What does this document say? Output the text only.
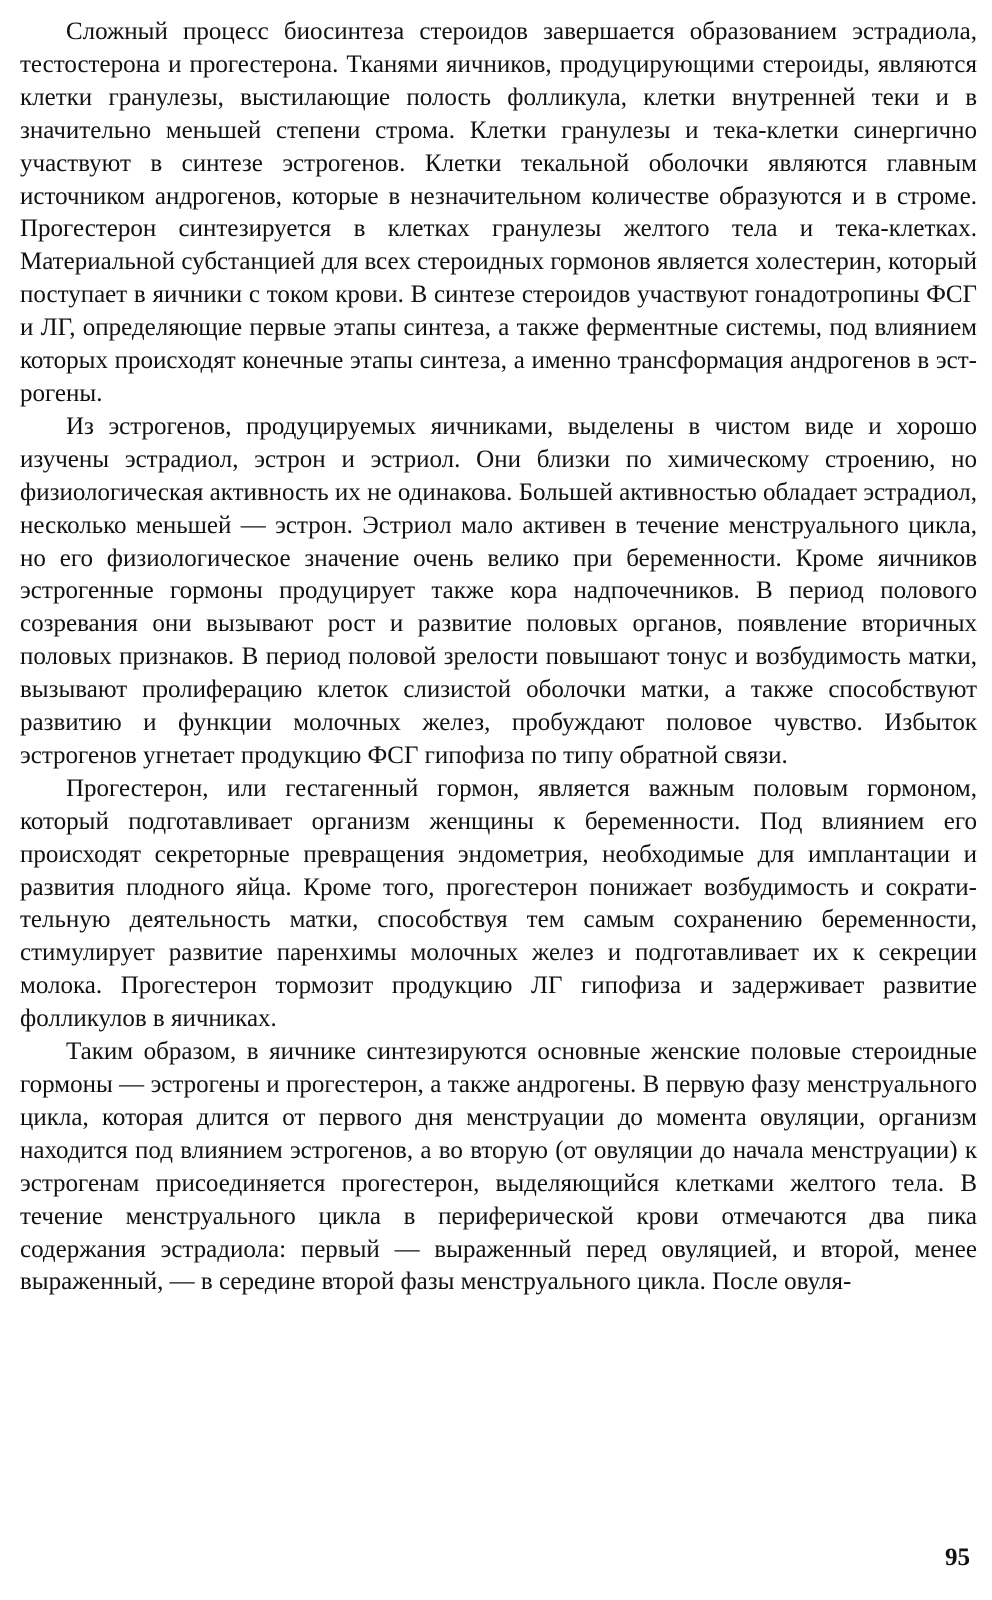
Сложный процесс биосинтеза стероидов завершается образованием эстрадиола, тестостерона и прогестерона. Тканями яичников, продуцирующими стероиды, являются клетки гранулезы, выстилающие полость фолликула, клетки внутренней теки и в значительно меньшей степени строма. Клетки гранулезы и тека-клетки синергично участвуют в синтезе эстрогенов. Клетки текальной оболочки являются главным источником андрогенов, которые в незначительном количестве образуются и в строме. Прогестерон синтезируется в клетках гранулезы желтого тела и тека-клетках. Материальной субстанцией для всех стероидных гормонов является холестерин, который поступает в яичники с током крови. В синтезе стероидов участвуют гонадотропины ФСГ и ЛГ, определяющие первые этапы синтеза, а также ферментные системы, под влиянием которых происходят конечные этапы синтеза, а именно трансформация андрогенов в эстрогены.

Из эстрогенов, продуцируемых яичниками, выделены в чистом виде и хорошо изучены эстрадиол, эстрон и эстриол. Они близки по химическому строению, но физиологическая активность их не одинакова. Большей активностью обладает эстрадиол, несколько меньшей — эстрон. Эстриол мало активен в течение менструального цикла, но его физиологическое значение очень велико при беременности. Кроме яичников эстрогенные гормоны продуцирует также кора надпочечников. В период полового созревания они вызывают рост и развитие половых органов, появление вторичных половых признаков. В период половой зрелости повышают тонус и возбудимость матки, вызывают пролиферацию клеток слизистой оболочки матки, а также способствуют развитию и функции молочных желез, пробуждают половое чувство. Избыток эстрогенов угнетает продукцию ФСГ гипофиза по типу обратной связи.

Прогестерон, или гестагенный гормон, является важным половым гормоном, который подготавливает организм женщины к беременности. Под влиянием его происходят секреторные превращения эндометрия, необходимые для имплантации и развития плодного яйца. Кроме того, прогестерон понижает возбудимость и сократительную деятельность матки, способствуя тем самым сохранению беременности, стимулирует развитие паренхимы молочных желез и подготавливает их к секреции молока. Прогестерон тормозит продукцию ЛГ гипофиза и задерживает развитие фолликулов в яичниках.

Таким образом, в яичнике синтезируются основные женские половые стероидные гормоны — эстрогены и прогестерон, а также андрогены. В первую фазу менструального цикла, которая длится от первого дня менструации до момента овуляции, организм находится под влиянием эстрогенов, а во вторую (от овуляции до начала менструации) к эстрогенам присоединяется прогестерон, выделяющийся клетками желтого тела. В течение менструального цикла в периферической крови отмечаются два пика содержания эстрадиола: первый — выраженный перед овуляцией, и второй, менее выраженный, — в середине второй фазы менструального цикла. После овуля-

95
